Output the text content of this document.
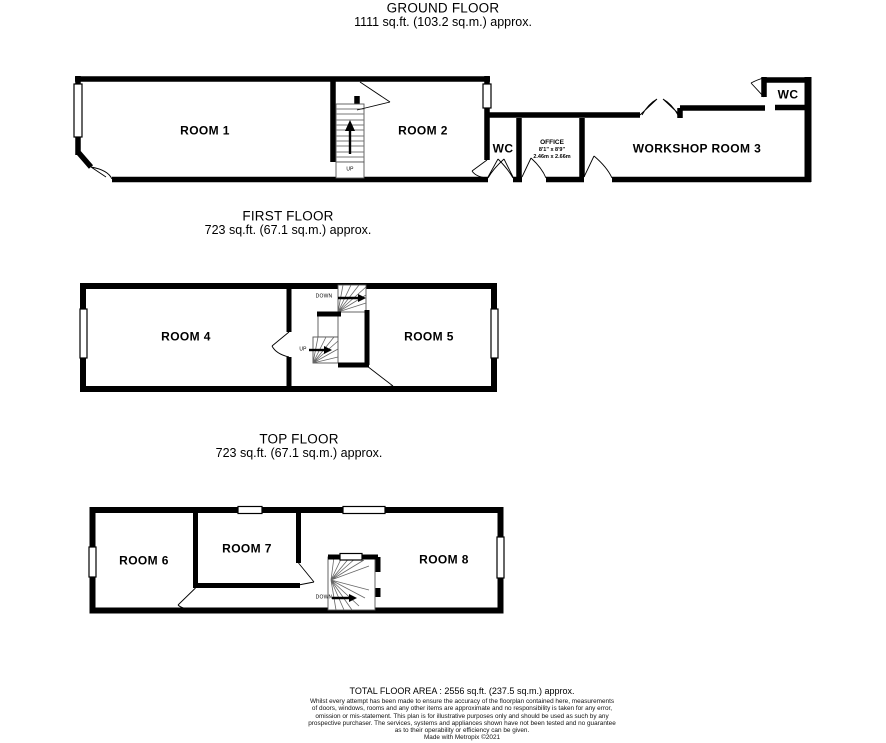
GROUND FLOOR
1111 sq.ft. (103.2 sq.m.) approx.
ROOM 1	ROOM 2
WC	OFFICE
8'1" x 8'9"
2.46m x 2.66m
WORKSHOP ROOM 3
WC
UP
FIRST FLOOR
723 sq.ft. (67.1 sq.m.) approx.
ROOM 4	ROOM 5
DOWN
UP
TOP FLOOR
723 sq.ft. (67.1 sq.m.) approx.
ROOM 6
ROOM 7
ROOM 8
DOWN
TOTAL FLOOR AREA : 2556 sq.ft. (237.5 sq.m.) approx.
Whilst every attempt has been made to ensure the accuracy of the floorplan contained here, measurements
of doors, windows, rooms and any other items are approximate and no responsibility is taken for any error,
omission or mis-statement. This plan is for illustrative purposes only and should be used as such by any
prospective purchaser. The services, systems and appliances shown have not been tested and no guarantee
as to their operability or efficiency can be given.
Made with Metropix ©2021
